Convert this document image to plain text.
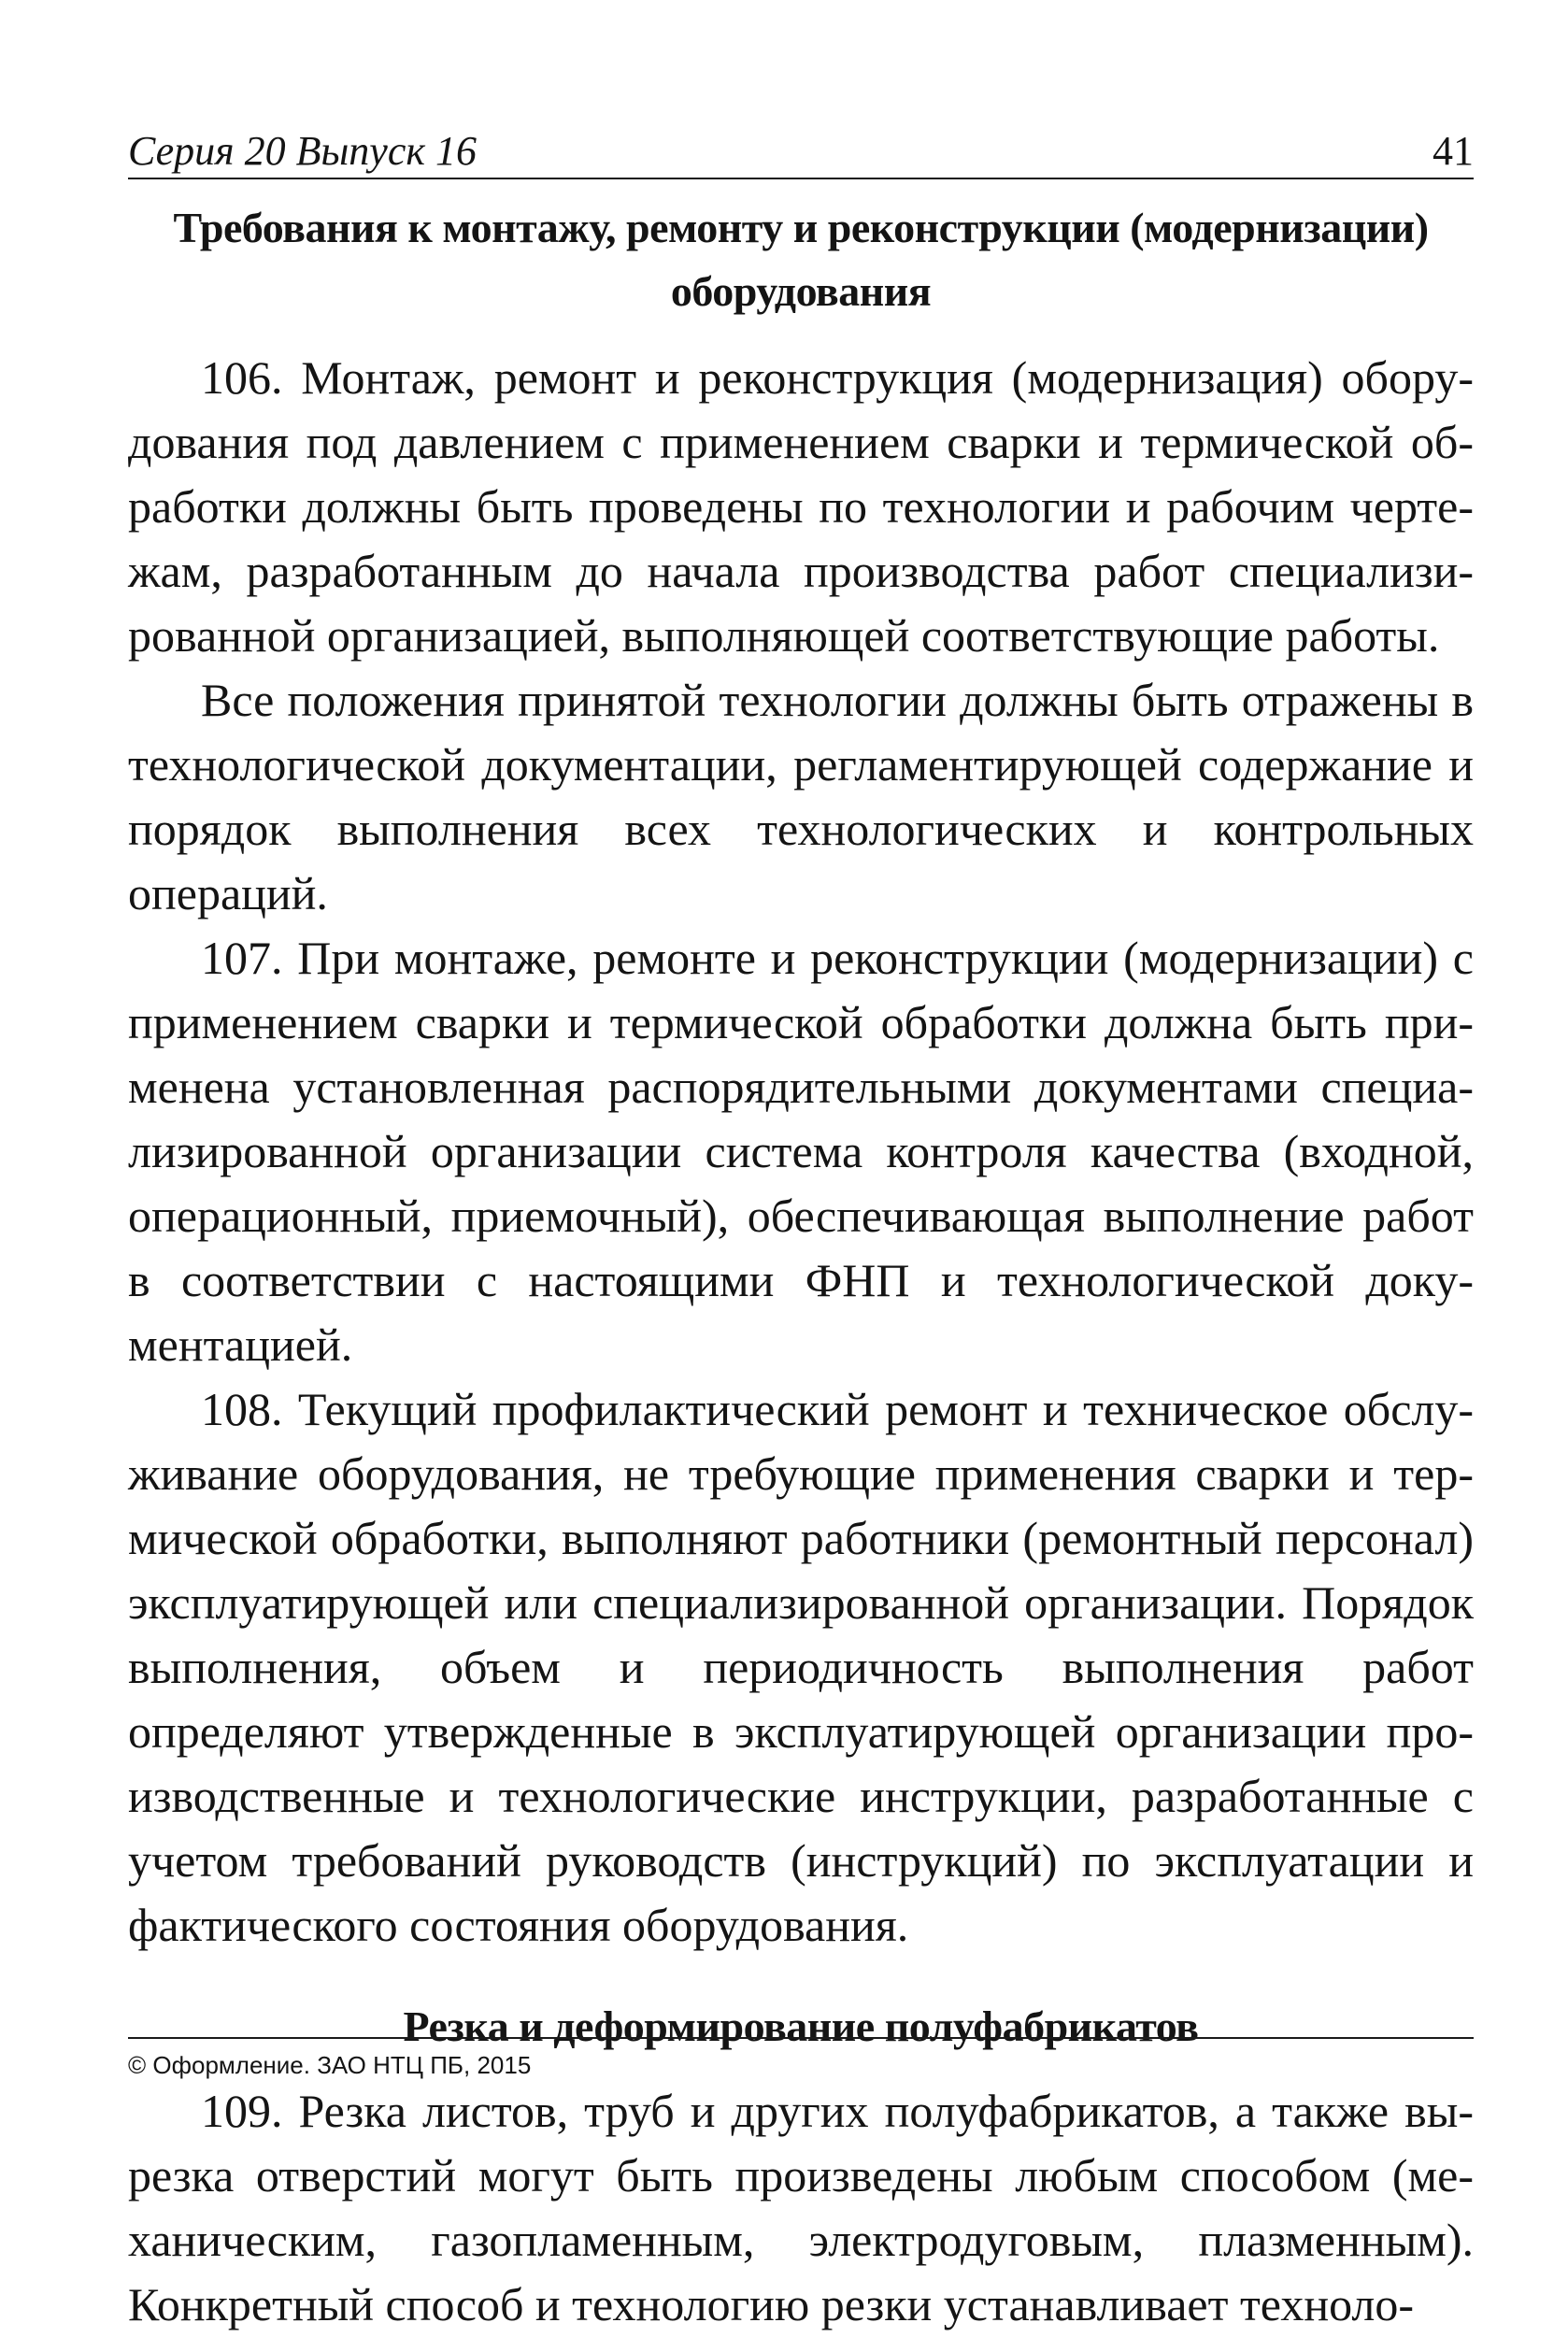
Серия 20 Выпуск 16	41
Требования к монтажу, ремонту и реконструкции (модернизации)
оборудования

106. Монтаж, ремонт и реконструкция (модернизация) оборудования под давлением с применением сварки и термической обработки должны быть проведены по технологии и рабочим чертежам, разработанным до начала производства работ специализированной организацией, выполняющей соответствующие работы.

Все положения принятой технологии должны быть отражены в технологической документации, регламентирующей содержание и порядок выполнения всех технологических и контрольных операций.

107. При монтаже, ремонте и реконструкции (модернизации) с применением сварки и термической обработки должна быть применена установленная распорядительными документами специализированной организации система контроля качества (входной, операционный, приемочный), обеспечивающая выполнение работ в соответствии с настоящими ФНП и технологической документацией.

108. Текущий профилактический ремонт и техническое обслуживание оборудования, не требующие применения сварки и термической обработки, выполняют работники (ремонтный персонал) эксплуатирующей или специализированной организации. Порядок выполнения, объем и периодичность выполнения работ определяют утвержденные в эксплуатирующей организации производственные и технологические инструкции, разработанные с учетом требований руководств (инструкций) по эксплуатации и фактического состояния оборудования.

Резка и деформирование полуфабрикатов

109. Резка листов, труб и других полуфабрикатов, а также вырезка отверстий могут быть произведены любым способом (механическим, газопламенным, электродуговым, плазменным). Конкретный способ и технологию резки устанавливает техноло-

© Оформление. ЗАО НТЦ ПБ, 2015
